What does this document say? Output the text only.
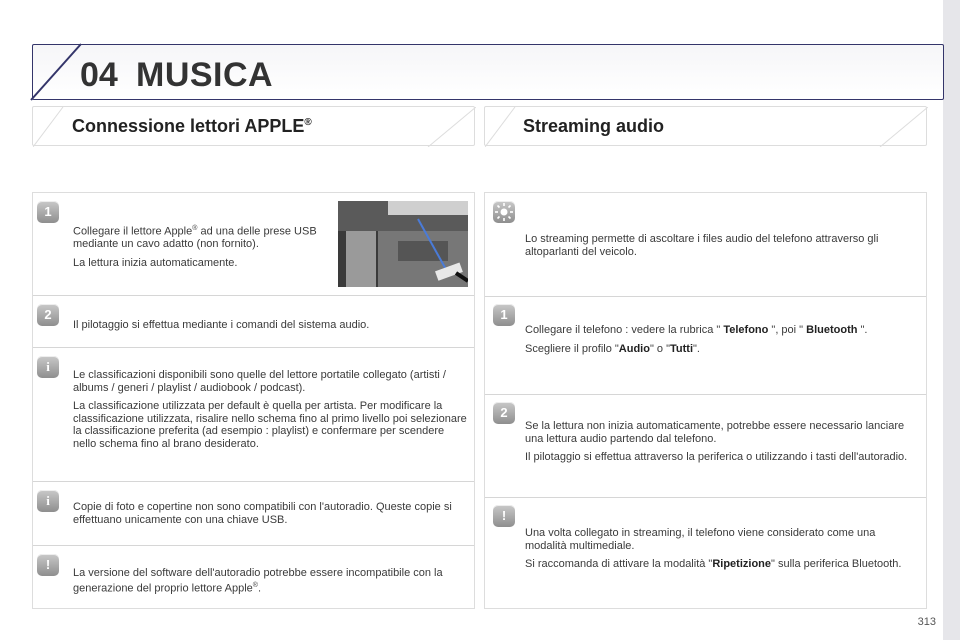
04 MUSICA
Connessione lettori APPLE®	Streaming audio
1

Collegare il lettore Apple® ad una delle prese USB mediante un cavo adatto (non fornito).

La lettura inizia automaticamente.

2

Il pilotaggio si effettua mediante i comandi del sistema audio.

i

Le classificazioni disponibili sono quelle del lettore portatile collegato (artisti / albums / generi / playlist / audiobook / podcast).

La classificazione utilizzata per default è quella per artista. Per modificare la classificazione utilizzata, risalire nello schema fino al primo livello poi selezionare la classificazione preferita (ad esempio : playlist) e confermare per scendere nello schema fino al brano desiderato.

i	Copie di foto e copertine non sono compatibili con l'autoradio. Queste copie si effettuano unicamente con una chiave USB.

!

La versione del software dell'autoradio potrebbe essere incompatibile con la generazione del proprio lettore Apple®.

Lo streaming permette di ascoltare i files audio del telefono attraverso gli altoparlanti del veicolo.

1

Collegare il telefono : vedere la rubrica " Telefono ", poi " Bluetooth ".

Scegliere il profilo "Audio" o "Tutti".

2

Se la lettura non inizia automaticamente, potrebbe essere necessario lanciare una lettura audio partendo dal telefono.

Il pilotaggio si effettua attraverso la periferica o utilizzando i tasti dell'autoradio.

!

Una volta collegato in streaming, il telefono viene considerato come una modalità multimediale.

Si raccomanda di attivare la modalità "Ripetizione" sulla periferica Bluetooth.

313
